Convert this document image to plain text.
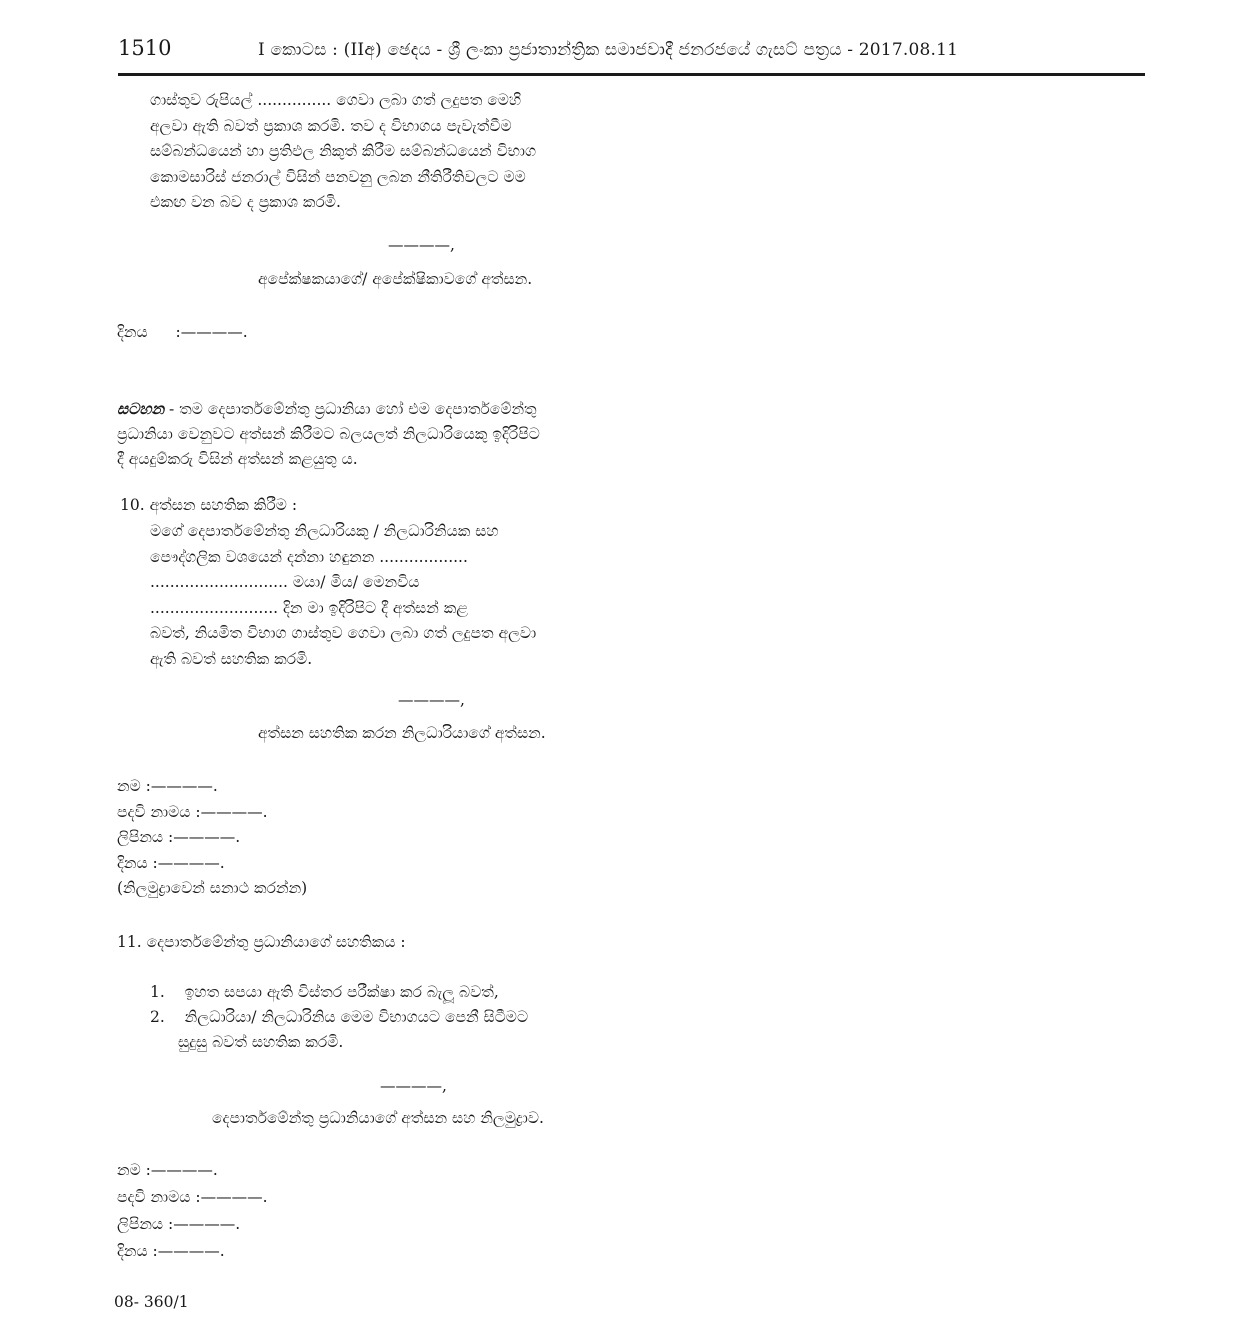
1510	I කොටස : (IIඅ) ඡෙදය - ශ්‍රී ලංකා ප්‍රජාතාන්ත්‍රික සමාජවාදී ජනරජයේ ගැසට් පත්‍රය - 2017.08.11
ගාස්තුව රුපියල් ............... ගෙවා ලබා ගත් ලදුපත මෙහි
අලවා ඇති බවත් ප්‍රකාශ කරමි. තව ද විභාගය පැවැත්වීම
සම්බන්ධයෙන් හා ප්‍රතිඵල නිකුත් කිරීම සම්බන්ධයෙන් විභාග
කොමසාරිස් ජනරාල් විසින් පනවනු ලබන නීතිරීතිවලට මම
එකඟ වන බව ද ප්‍රකාශ කරමි.
————,
අපේක්ෂකයාගේ/ අපේක්ෂිකාවගේ අත්සන.
දිනය :————.
සටහන - තම දෙපාර්තමේන්තු ප්‍රධානියා හෝ එම දෙපාර්තමේන්තු
ප්‍රධානියා වෙනුවට අත්සන් කිරීමට බලයලත් නිලධාරියෙකු ඉදිරිපිට
දී අයදුම්කරු විසින් අත්සන් කළයුතු ය.
10. අත්සන සහතික කිරීම :
මගේ දෙපාර්තමේන්තු නිලධාරියකු / නිලධාරිනියක සහ
පෞද්ගලික වශයෙන් දන්නා හඳුනන ..................
............................ මයා/ මිය/ මෙනවිය
.......................... දින මා ඉදිරිපිට දී අත්සන් කළ
බවත්, නියමිත විභාග ගාස්තුව ගෙවා ලබා ගත් ලදුපත අලවා
ඇති බවත් සහතික කරමි.
————,
අත්සන සහතික කරන නිලධාරියාගේ අත්සන.
නම :————.
පදවි නාමය :————.
ලිපිනය :————.
දිනය :————.
(නිලමුද්‍රාවෙන් සනාථ කරන්න)
11. දෙපාර්තමේන්තු ප්‍රධානියාගේ සහතිකය :
1. ඉහත සපයා ඇති විස්තර පරීක්ෂා කර බැලූ බවත්,
2. නිලධාරියා/ නිලධාරිනිය මෙම විභාගයට පෙනී සිටීමට
සුදුසු බවත් සහතික කරමි.
————,
දෙපාර්තමේන්තු ප්‍රධානියාගේ අත්සන සහ නිලමුද්‍රාව.
නම :————.
පදවි නාමය :————.
ලිපිනය :————.
දිනය :————.
08- 360/1
